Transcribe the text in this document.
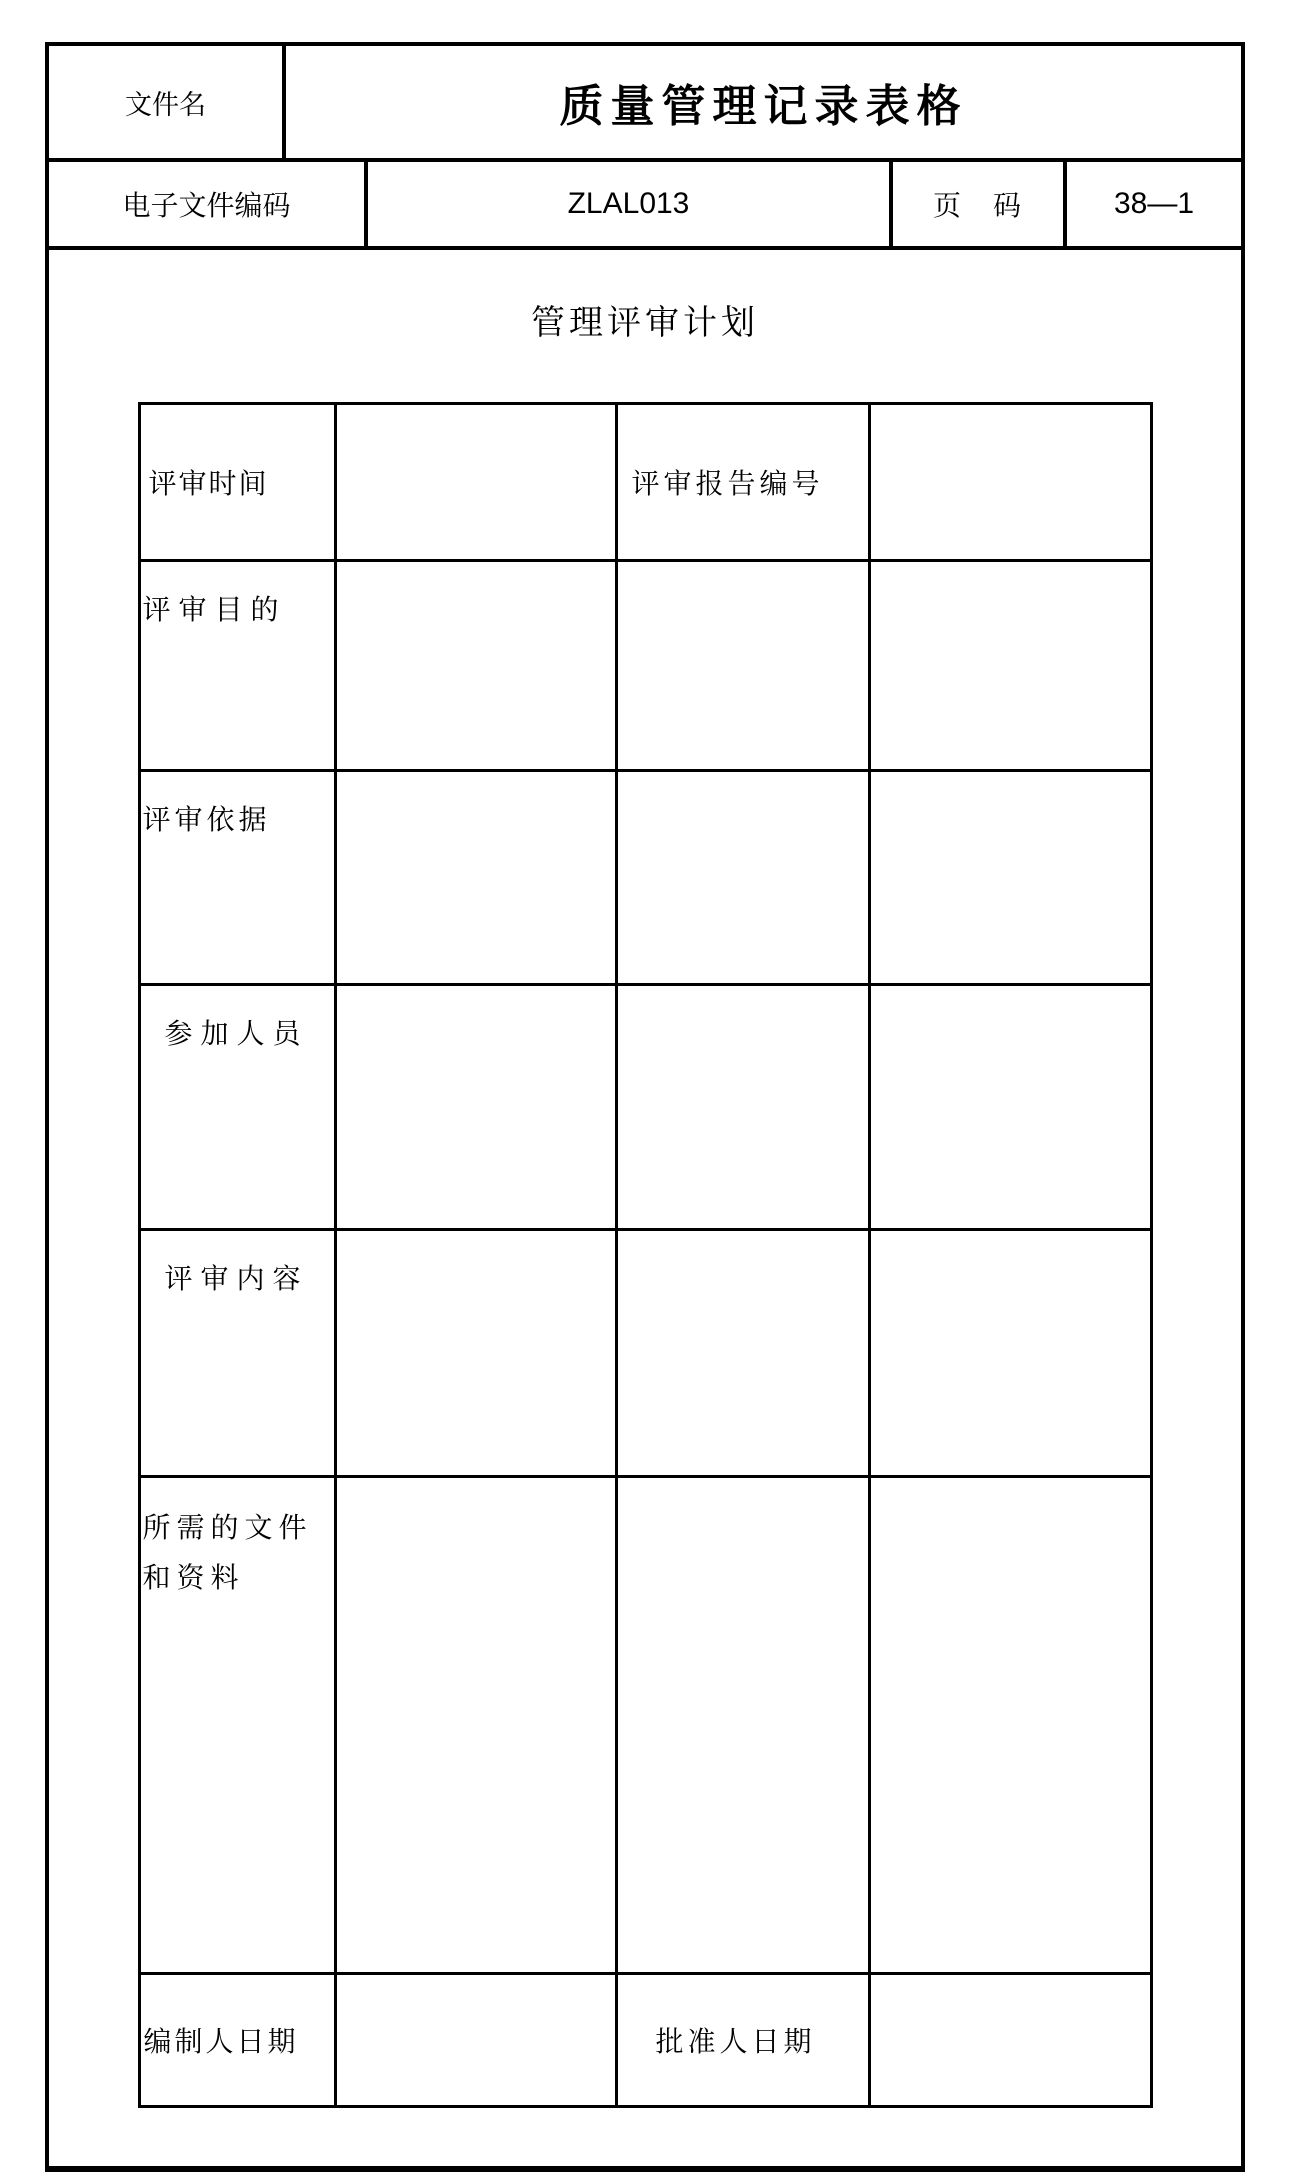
文件名	质量管理记录表格
电子文件编码	ZLAL013	页　码	38—1
管理评审计划
评审时间		评审报告编号	
评审目的			
评审依据			
参加人员			
评审内容			
所需的文件和资料			
编制人日期		批准人日期	
